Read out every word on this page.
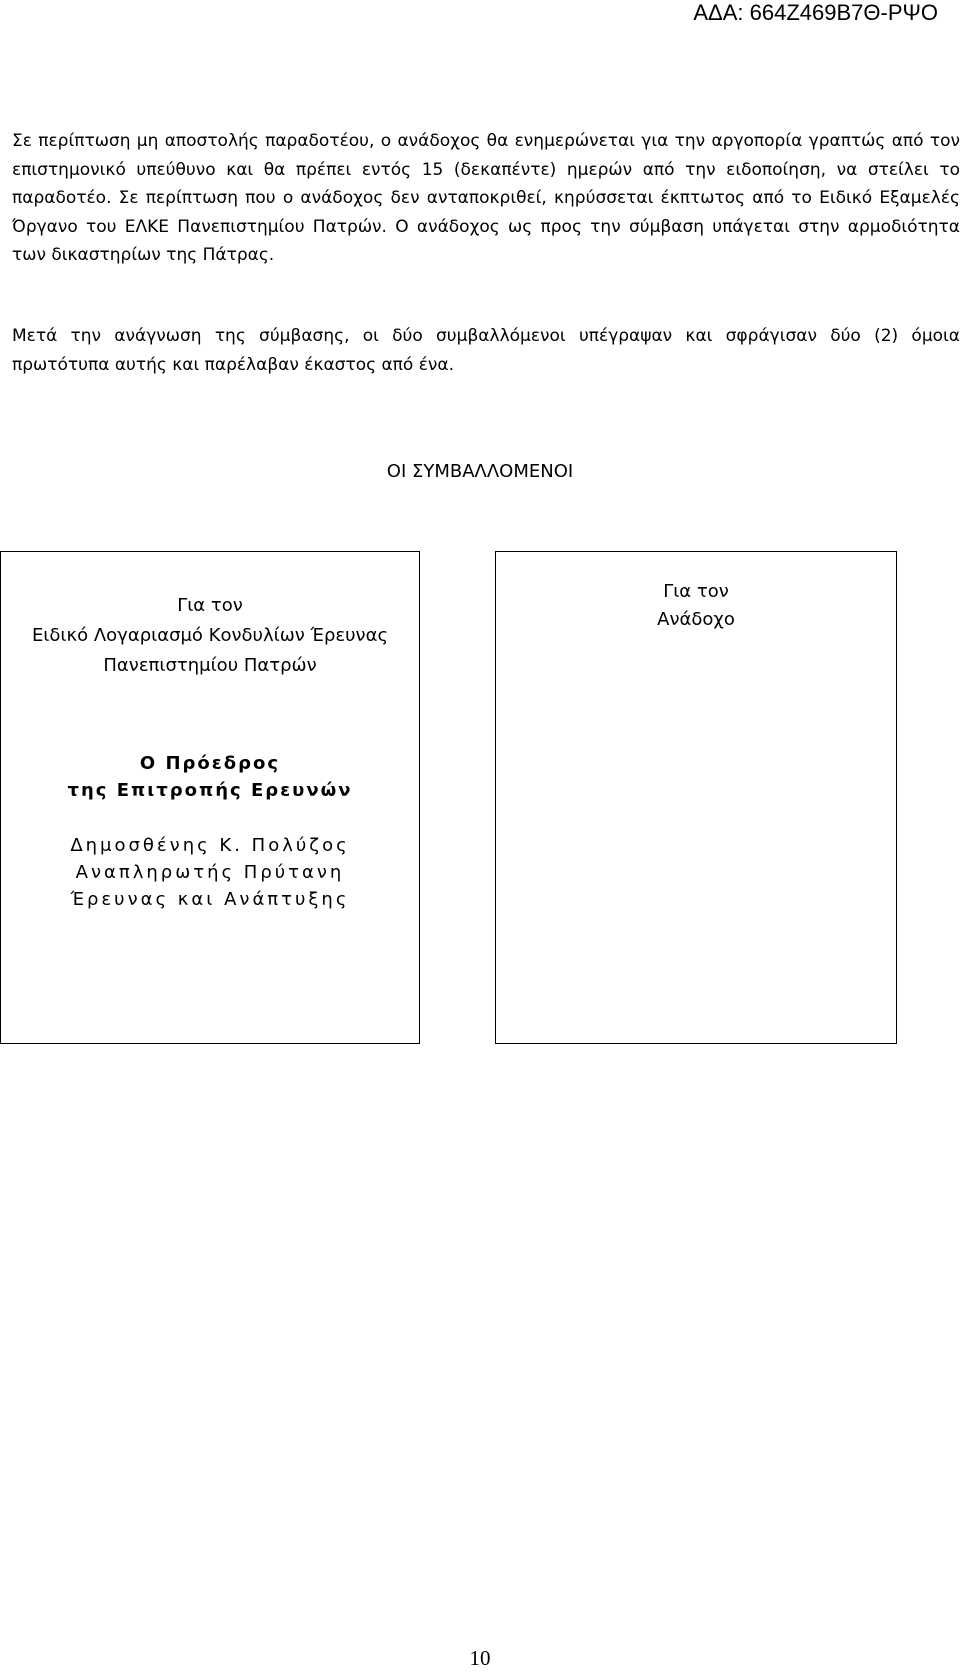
ΑΔΑ: 664Ζ469Β7Θ-ΡΨΟ

Σε περίπτωση μη αποστολής παραδοτέου, ο ανάδοχος θα ενημερώνεται για την αργοπορία γραπτώς από τον επιστημονικό υπεύθυνο και θα πρέπει εντός 15 (δεκαπέντε) ημερών από την ειδοποίηση, να στείλει το παραδοτέο. Σε περίπτωση που ο ανάδοχος δεν ανταποκριθεί, κηρύσσεται έκπτωτος από το Ειδικό Εξαμελές Όργανο του ΕΛΚΕ Πανεπιστημίου Πατρών. Ο ανάδοχος ως προς την σύμβαση υπάγεται στην αρμοδιότητα των δικαστηρίων της Πάτρας.

Μετά την ανάγνωση της σύμβασης, οι δύο συμβαλλόμενοι υπέγραψαν και σφράγισαν δύο (2) όμοια πρωτότυπα αυτής και παρέλαβαν έκαστος από ένα.

ΟΙ ΣΥΜΒΑΛΛΟΜΕΝΟΙ
Για τον
Ειδικό Λογαριασμό Κονδυλίων Έρευνας
Πανεπιστημίου Πατρών
Ο Πρόεδρος
της Επιτροπής Ερευνών
Δημοσθένης Κ. Πολύζος
Αναπληρωτής Πρύτανη
Έρευνας και Ανάπτυξης
Για τον
Ανάδοχο
10
